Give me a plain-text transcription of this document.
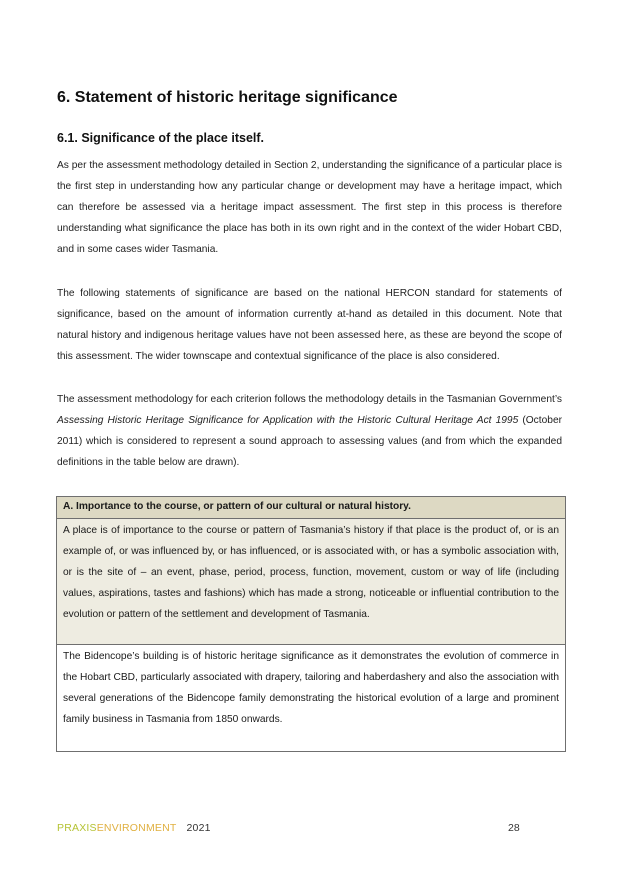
6. Statement of historic heritage significance
6.1. Significance of the place itself.

As per the assessment methodology detailed in Section 2, understanding the significance of a particular place is the first step in understanding how any particular change or development may have a heritage impact, which can therefore be assessed via a heritage impact assessment. The first step in this process is therefore understanding what significance the place has both in its own right and in the context of the wider Hobart CBD, and in some cases wider Tasmania.

The following statements of significance are based on the national HERCON standard for statements of significance, based on the amount of information currently at-hand as detailed in this document. Note that natural history and indigenous heritage values have not been assessed here, as these are beyond the scope of this assessment. The wider townscape and contextual significance of the place is also considered.

The assessment methodology for each criterion follows the methodology details in the Tasmanian Government’s Assessing Historic Heritage Significance for Application with the Historic Cultural Heritage Act 1995 (October 2011) which is considered to represent a sound approach to assessing values (and from which the expanded definitions in the table below are drawn).

A. Importance to the course, or pattern of our cultural or natural history.
A place is of importance to the course or pattern of Tasmania’s history if that place is the product of, or is an example of, or was influenced by, or has influenced, or is associated with, or has a symbolic association with, or is the site of – an event, phase, period, process, function, movement, custom or way of life (including values, aspirations, tastes and fashions) which has made a strong, noticeable or influential contribution to the evolution or pattern of the settlement and development of Tasmania.
The Bidencope’s building is of historic heritage significance as it demonstrates the evolution of commerce in the Hobart CBD, particularly associated with drapery, tailoring and haberdashery and also the association with several generations of the Bidencope family demonstrating the historical evolution of a large and prominent family business in Tasmania from 1850 onwards.
PRAXISENVIRONMENT 2021	28
